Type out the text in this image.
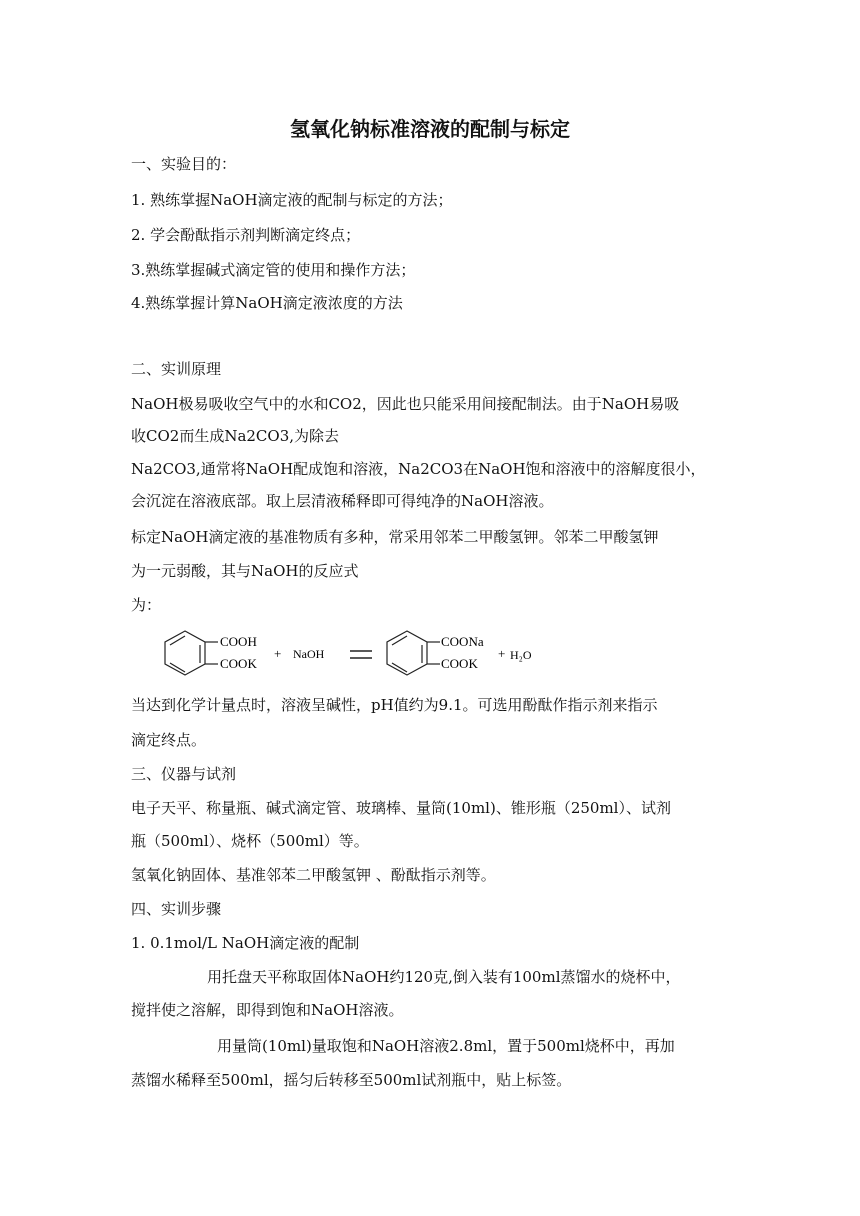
氢氧化钠标准溶液的配制与标定
一、实验目的：
1. 熟练掌握NaOH滴定液的配制与标定的方法；
2. 学会酚酞指示剂判断滴定终点；
3.熟练掌握碱式滴定管的使用和操作方法；
4.熟练掌握计算NaOH滴定液浓度的方法
二、实训原理
NaOH极易吸收空气中的水和CO2，因此也只能采用间接配制法。由于NaOH易吸
收CO2而生成Na2CO3,为除去
Na2CO3,通常将NaOH配成饱和溶液，Na2CO3在NaOH饱和溶液中的溶解度很小，
会沉淀在溶液底部。取上层清液稀释即可得纯净的NaOH溶液。
标定NaOH滴定液的基准物质有多种，常采用邻苯二甲酸氢钾。邻苯二甲酸氢钾
为一元弱酸，其与NaOH的反应式
为：
COOH
COOK
+ NaOH
COONa
COOK
+ H₂O
当达到化学计量点时，溶液呈碱性，pH值约为9.1。可选用酚酞作指示剂来指示
滴定终点。
三、仪器与试剂
电子天平、称量瓶、碱式滴定管、玻璃棒、量筒(10ml)、锥形瓶（250ml）、试剂
瓶（500ml）、烧杯（500ml）等。
氢氧化钠固体、基准邻苯二甲酸氢钾 、酚酞指示剂等。
四、实训步骤
1. 0.1mol/L NaOH滴定液的配制
用托盘天平称取固体NaOH约120克,倒入装有100ml蒸馏水的烧杯中，
搅拌使之溶解，即得到饱和NaOH溶液。
用量筒(10ml)量取饱和NaOH溶液2.8ml，置于500ml烧杯中，再加
蒸馏水稀释至500ml，摇匀后转移至500ml试剂瓶中，贴上标签。
